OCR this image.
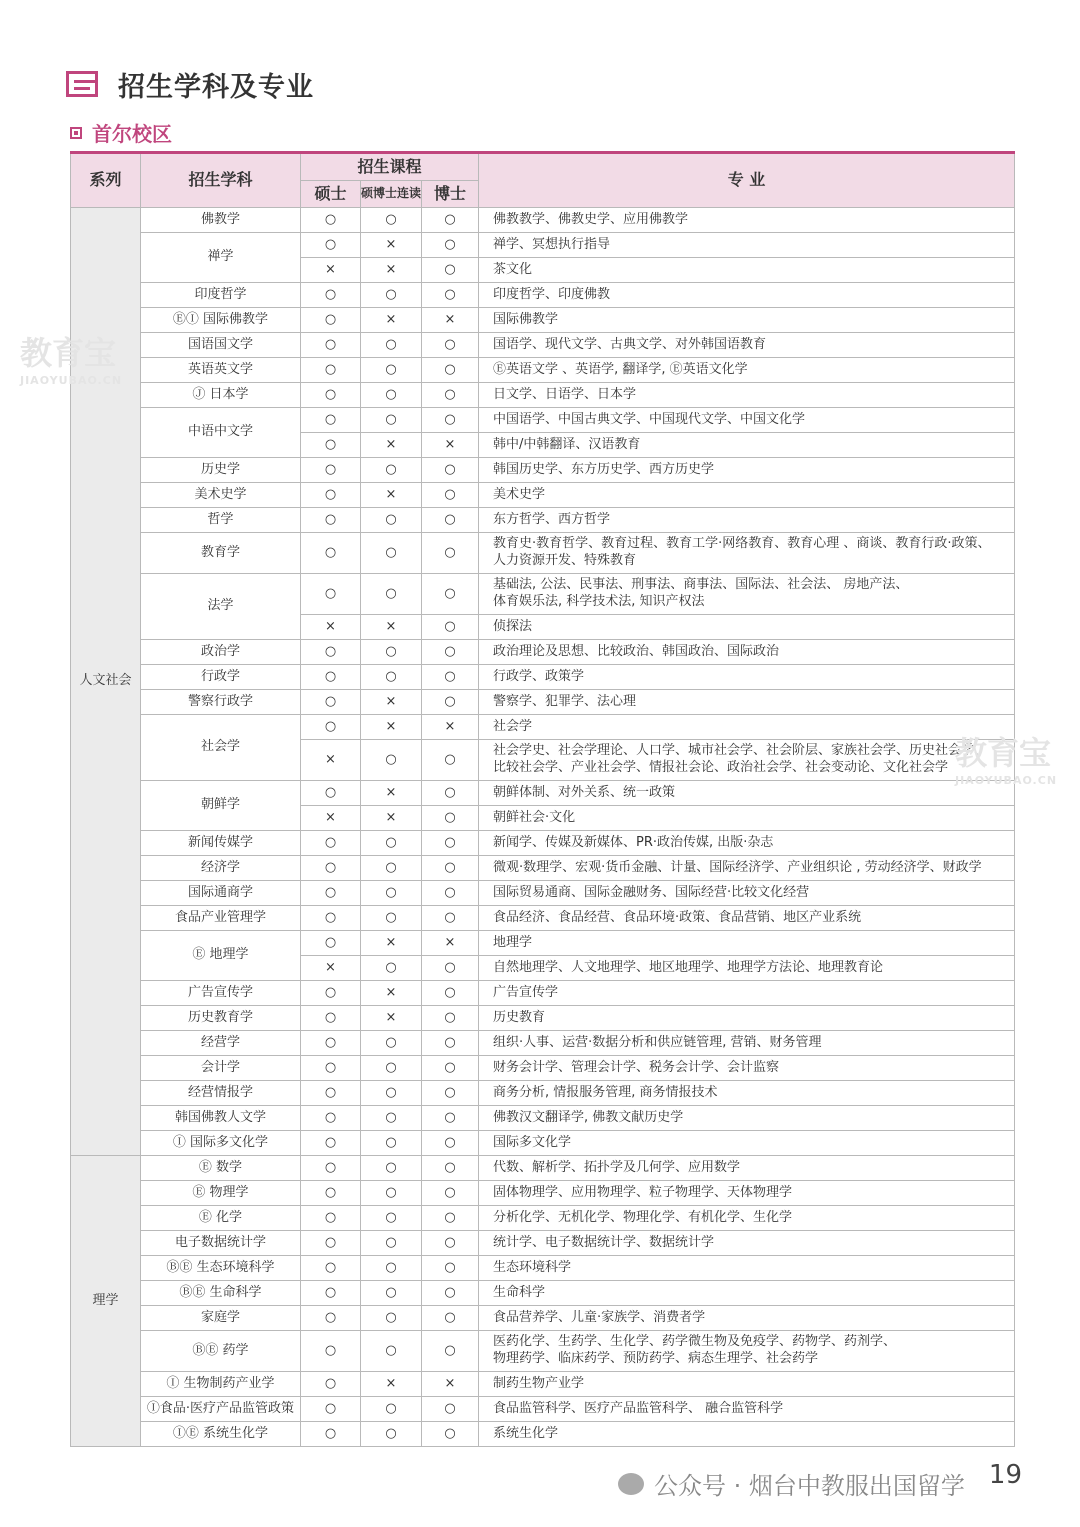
招生学科及专业
首尔校区
系列	招生学科	招生课程			专 业
		硕士	硕博士连读	博士	
人文社会	佛教学	○	○	○	佛教教学、佛教史学、应用佛教学
	禅学	○	×	○	禅学、冥想执行指导
		×	×	○	茶文化
	印度哲学	○	○	○	印度哲学、印度佛教
	ⒺⒾ 国际佛教学	○	×	×	国际佛教学
	国语国文学	○	○	○	国语学、现代文学、古典文学、对外韩国语教育
	英语英文学	○	○	○	Ⓔ英语文学 、英语学, 翻译学, Ⓔ英语文化学
	Ⓙ 日本学	○	○	○	日文学、日语学、日本学
	中语中文学	○	○	○	中国语学、中国古典文学、中国现代文学、中国文化学
		○	×	×	韩中/中韩翻译、汉语教育
	历史学	○	○	○	韩国历史学、东方历史学、西方历史学
	美术史学	○	×	○	美术史学
	哲学	○	○	○	东方哲学、西方哲学
	教育学	○	○	○	教育史·教育哲学、教育过程、教育工学·网络教育、教育心理 、商谈、教育行政·政策、
人力资源开发、特殊教育
	法学	○	○	○	基础法, 公法、民事法、刑事法、商事法、国际法、社会法、 房地产法、
体育娱乐法, 科学技术法, 知识产权法
		×	×	○	侦探法
	政治学	○	○	○	政治理论及思想、比较政治、韩国政治、国际政治
	行政学	○	○	○	行政学、政策学
	警察行政学	○	×	○	警察学、犯罪学、法心理
	社会学	○	×	×	社会学
		×	○	○	社会学史、社会学理论、人口学、城市社会学、社会阶层、家族社会学、历史社会学、
比较社会学、产业社会学、情报社会论、政治社会学、社会变动论、文化社会学
	朝鲜学	○	×	○	朝鲜体制、对外关系、统一政策
		×	×	○	朝鲜社会·文化
	新闻传媒学	○	○	○	新闻学、传媒及新媒体、PR·政治传媒, 出版·杂志
	经济学	○	○	○	微观·数理学、宏观·货币金融、计量、国际经济学、产业组织论 , 劳动经济学、财政学
	国际通商学	○	○	○	国际贸易通商、国际金融财务、国际经营·比较文化经营
	食品产业管理学	○	○	○	食品经济、食品经营、食品环境·政策、食品营销、地区产业系统
	Ⓔ 地理学	○	×	×	地理学
		×	○	○	自然地理学、人文地理学、地区地理学、地理学方法论、地理教育论
	广告宣传学	○	×	○	广告宣传学
	历史教育学	○	×	○	历史教育
	经营学	○	○	○	组织·人事、运营·数据分析和供应链管理, 营销、财务管理
	会计学	○	○	○	财务会计学、管理会计学、税务会计学、会计监察
	经营情报学	○	○	○	商务分析, 情报服务管理, 商务情报技术
	韩国佛教人文学	○	○	○	佛教汉文翻译学, 佛教文献历史学
	Ⓘ 国际多文化学	○	○	○	国际多文化学
理学	Ⓔ 数学	○	○	○	代数、解析学、拓扑学及几何学、应用数学
	Ⓔ 物理学	○	○	○	固体物理学、应用物理学、粒子物理学、天体物理学
	Ⓔ 化学	○	○	○	分析化学、无机化学、物理化学、有机化学、生化学
	电子数据统计学	○	○	○	统计学、电子数据统计学、数据统计学
	ⒷⒺ 生态环境科学	○	○	○	生态环境科学
	ⒷⒺ 生命科学	○	○	○	生命科学
	家庭学	○	○	○	食品营养学、儿童·家族学、消费者学
	ⒷⒺ 药学	○	○	○	医药化学、生药学、生化学、药学微生物及免疫学、药物学、药剂学、
物理药学、临床药学、预防药学、病态生理学、社会药学
	Ⓘ 生物制药产业学	○	×	×	制药生物产业学
	Ⓘ食品·医疗产品监管政策	○	○	○	食品监管科学、医疗产品监管科学、 融合监管科学
	ⒾⒺ 系统生化学	○	○	○	系统生化学
公众号 · 烟台中教服出国留学 19
教育宝
JIAOYUBAO.CN
教育宝
JIAOYUBAO.CN
